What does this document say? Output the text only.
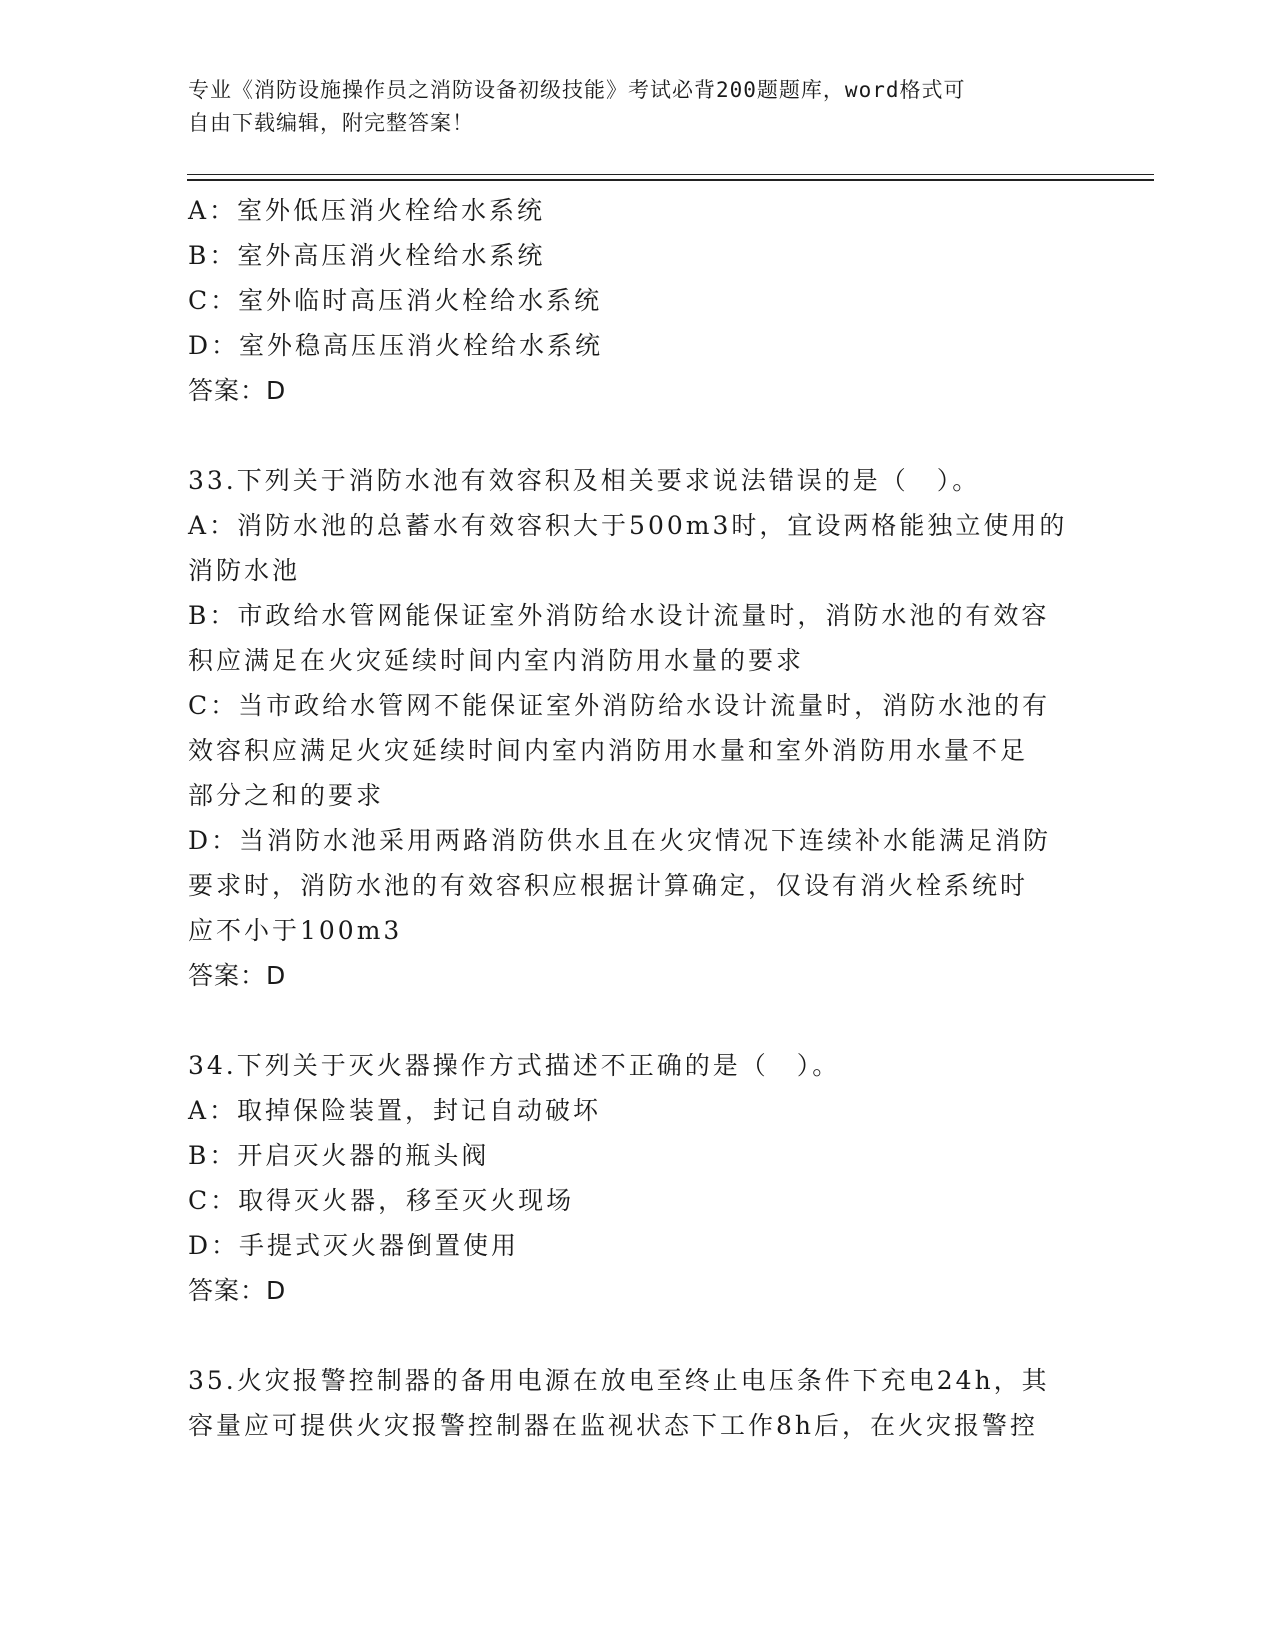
专业《消防设施操作员之消防设备初级技能》考试必背200题题库，word格式可
自由下载编辑，附完整答案！
A：室外低压消火栓给水系统
B：室外高压消火栓给水系统
C：室外临时高压消火栓给水系统
D：室外稳高压压消火栓给水系统
答案：D
33.下列关于消防水池有效容积及相关要求说法错误的是（　）。
A：消防水池的总蓄水有效容积大于500m3时，宜设两格能独立使用的
消防水池
B：市政给水管网能保证室外消防给水设计流量时，消防水池的有效容
积应满足在火灾延续时间内室内消防用水量的要求
C：当市政给水管网不能保证室外消防给水设计流量时，消防水池的有
效容积应满足火灾延续时间内室内消防用水量和室外消防用水量不足
部分之和的要求
D：当消防水池采用两路消防供水且在火灾情况下连续补水能满足消防
要求时，消防水池的有效容积应根据计算确定，仅设有消火栓系统时
应不小于100m3
答案：D
34.下列关于灭火器操作方式描述不正确的是（　）。
A：取掉保险装置，封记自动破坏
B：开启灭火器的瓶头阀
C：取得灭火器，移至灭火现场
D：手提式灭火器倒置使用
答案：D
35.火灾报警控制器的备用电源在放电至终止电压条件下充电24h，其
容量应可提供火灾报警控制器在监视状态下工作8h后，在火灾报警控
